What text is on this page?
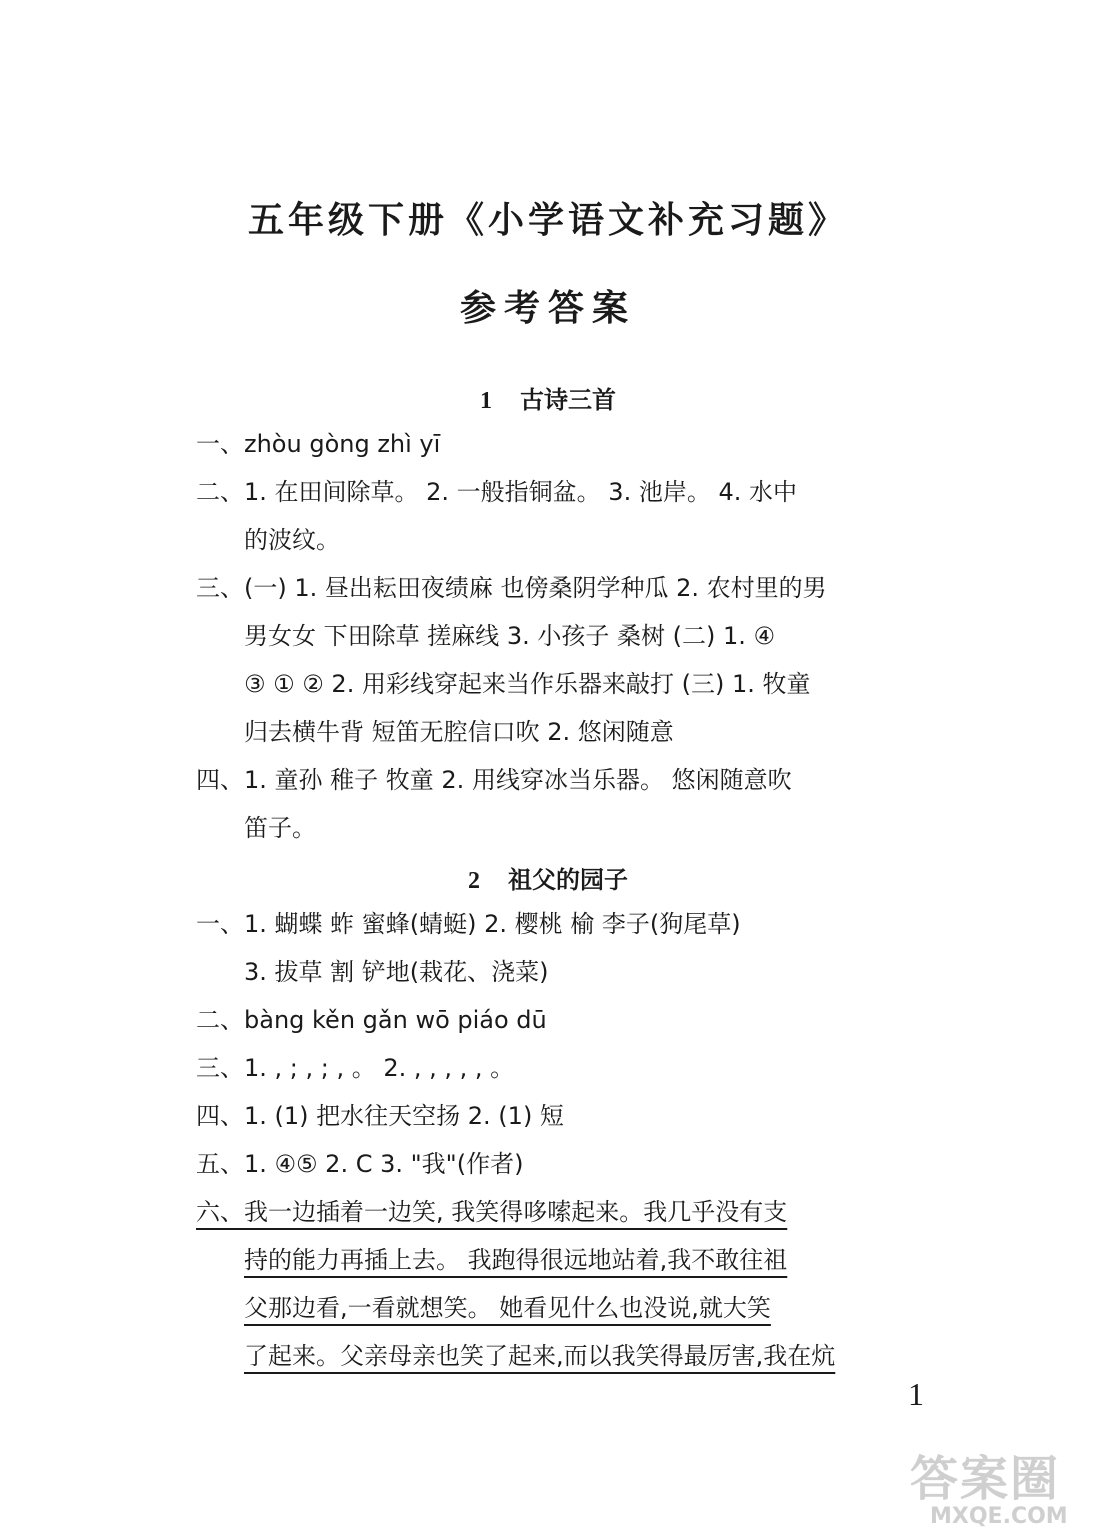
五年级下册《小学语文补充习题》
参考答案
1 古诗三首
一、zhòu gòng zhì yī
二、1. 在田间除草。 2. 一般指铜盆。 3. 池岸。 4. 水中
的波纹。
三、(一) 1. 昼出耘田夜绩麻 也傍桑阴学种瓜 2. 农村里的男
男女女 下田除草 搓麻线 3. 小孩子 桑树 (二) 1. ④
③ ① ② 2. 用彩线穿起来当作乐器来敲打 (三) 1. 牧童
归去横牛背 短笛无腔信口吹 2. 悠闲随意
四、1. 童孙 稚子 牧童 2. 用线穿冰当乐器。 悠闲随意吹
笛子。
2 祖父的园子
一、1. 蝴蝶 蚱 蜜蜂(蜻蜓) 2. 樱桃 榆 李子(狗尾草)
3. 拔草 割 铲地(栽花、浇菜)
二、bàng kěn gǎn wō piáo dū
三、1. , ; , ; , 。 2. , , , , , 。
四、1. (1) 把水往天空扬 2. (1) 短
五、1. ④⑤ 2. C 3. "我"(作者)
六、我一边插着一边笑, 我笑得哆嗦起来。我几乎没有支
持的能力再插上去。 我跑得很远地站着,我不敢往祖
父那边看,一看就想笑。 她看见什么也没说,就大笑
了起来。父亲母亲也笑了起来,而以我笑得最厉害,我在炕
1
答案圈
MXQE.COM
